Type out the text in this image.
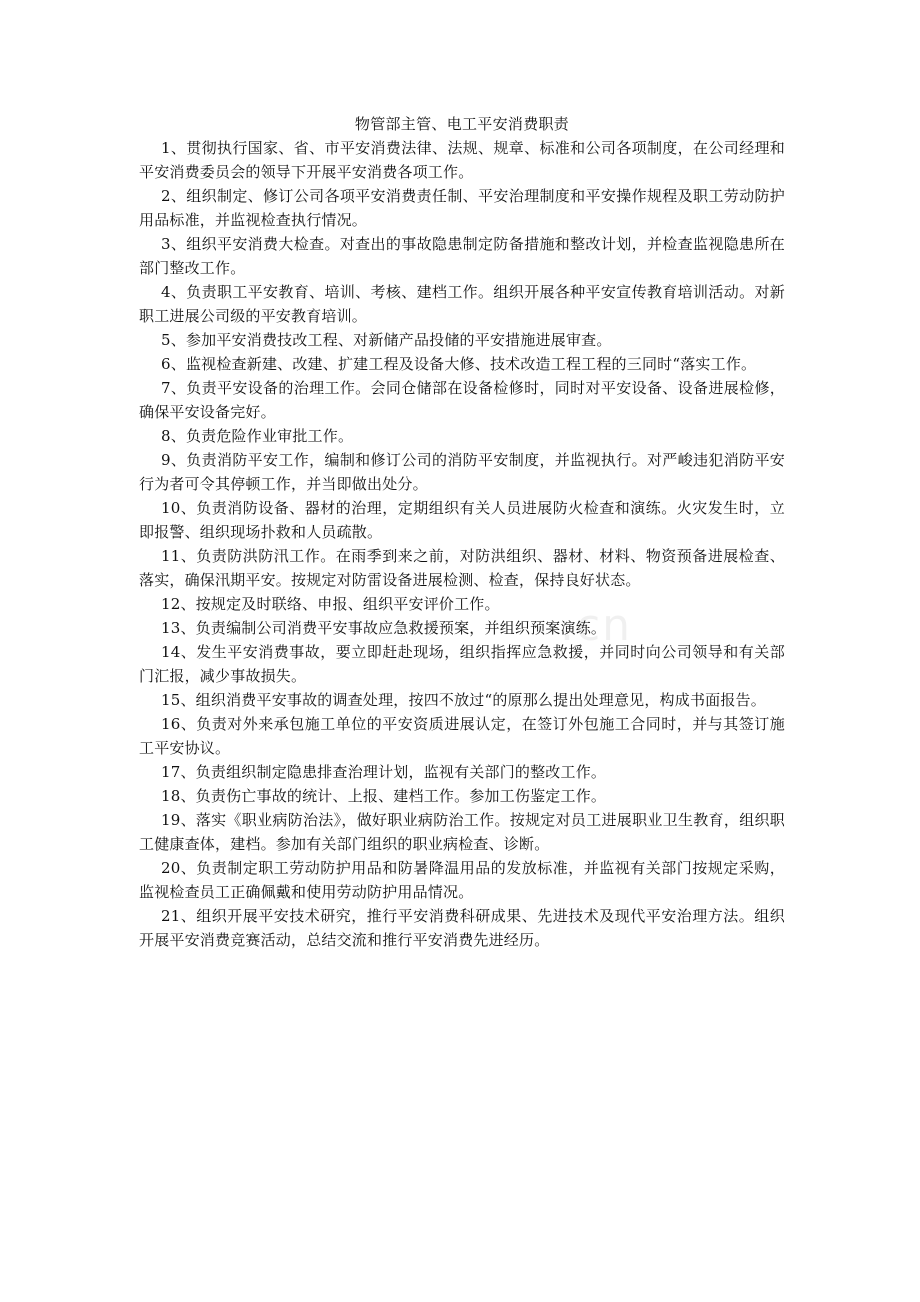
.cn
物管部主管、电工平安消费职责

1、贯彻执行国家、省、市平安消费法律、法规、规章、标准和公司各项制度，在公司经理和平安消费委员会的领导下开展平安消费各项工作。

2、组织制定、修订公司各项平安消费责任制、平安治理制度和平安操作规程及职工劳动防护用品标准，并监视检查执行情况。

3、组织平安消费大检查。对查出的事故隐患制定防备措施和整改计划，并检查监视隐患所在部门整改工作。

4、负责职工平安教育、培训、考核、建档工作。组织开展各种平安宣传教育培训活动。对新职工进展公司级的平安教育培训。

5、参加平安消费技改工程、对新储产品投储的平安措施进展审查。

6、监视检查新建、改建、扩建工程及设备大修、技术改造工程工程的三同时“落实工作。

7、负责平安设备的治理工作。会同仓储部在设备检修时，同时对平安设备、设备进展检修，确保平安设备完好。

8、负责危险作业审批工作。

9、负责消防平安工作，编制和修订公司的消防平安制度，并监视执行。对严峻违犯消防平安行为者可令其停顿工作，并当即做出处分。

10、负责消防设备、器材的治理，定期组织有关人员进展防火检查和演练。火灾发生时，立即报警、组织现场扑救和人员疏散。

11、负责防洪防汛工作。在雨季到来之前，对防洪组织、器材、材料、物资预备进展检查、落实，确保汛期平安。按规定对防雷设备进展检测、检查，保持良好状态。

12、按规定及时联络、申报、组织平安评价工作。

13、负责编制公司消费平安事故应急救援预案，并组织预案演练。

14、发生平安消费事故，要立即赶赴现场，组织指挥应急救援，并同时向公司领导和有关部门汇报，减少事故损失。

15、组织消费平安事故的调查处理，按四不放过“的原那么提出处理意见，构成书面报告。

16、负责对外来承包施工单位的平安资质进展认定，在签订外包施工合同时，并与其签订施工平安协议。

17、负责组织制定隐患排查治理计划，监视有关部门的整改工作。

18、负责伤亡事故的统计、上报、建档工作。参加工伤鉴定工作。

19、落实《职业病防治法》，做好职业病防治工作。按规定对员工进展职业卫生教育，组织职工健康查体，建档。参加有关部门组织的职业病检查、诊断。

20、负责制定职工劳动防护用品和防暑降温用品的发放标准，并监视有关部门按规定采购，监视检查员工正确佩戴和使用劳动防护用品情况。

21、组织开展平安技术研究，推行平安消费科研成果、先进技术及现代平安治理方法。组织开展平安消费竞赛活动，总结交流和推行平安消费先进经历。
